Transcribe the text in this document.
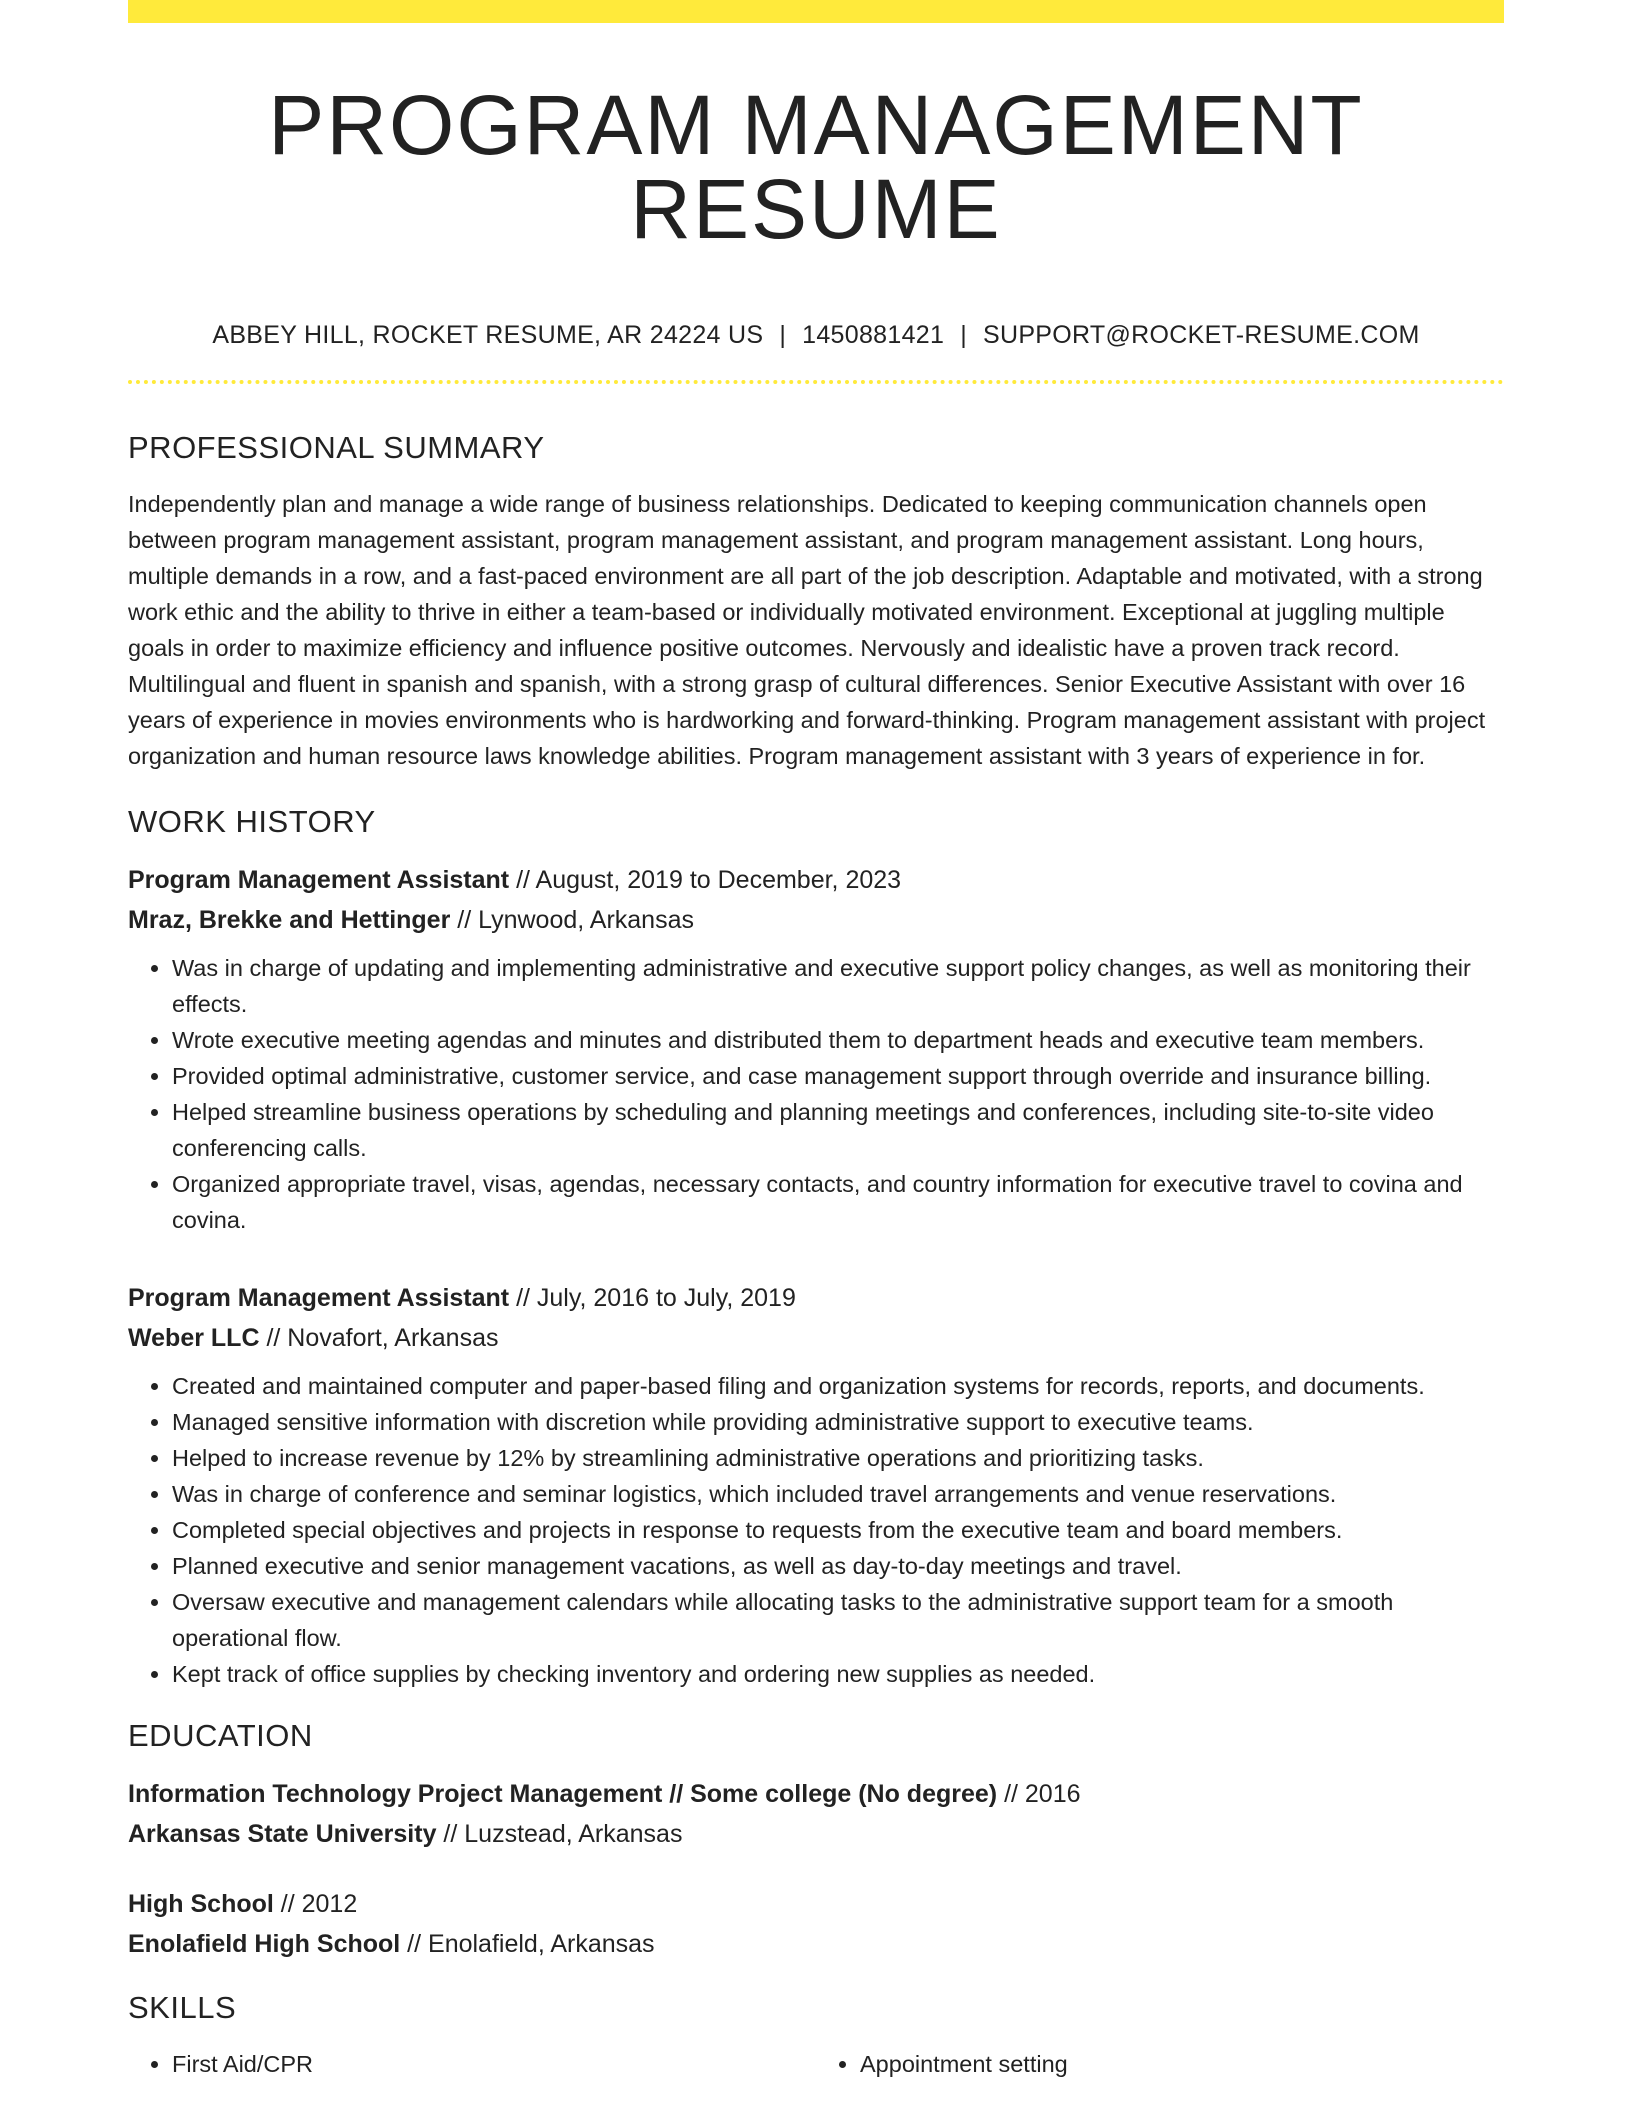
PROGRAM MANAGEMENT RESUME
ABBEY HILL, ROCKET RESUME, AR 24224 US | 1450881421 | SUPPORT@ROCKET-RESUME.COM
PROFESSIONAL SUMMARY
Independently plan and manage a wide range of business relationships. Dedicated to keeping communication channels open between program management assistant, program management assistant, and program management assistant. Long hours, multiple demands in a row, and a fast-paced environment are all part of the job description. Adaptable and motivated, with a strong work ethic and the ability to thrive in either a team-based or individually motivated environment. Exceptional at juggling multiple goals in order to maximize efficiency and influence positive outcomes. Nervously and idealistic have a proven track record. Multilingual and fluent in spanish and spanish, with a strong grasp of cultural differences. Senior Executive Assistant with over 16 years of experience in movies environments who is hardworking and forward-thinking. Program management assistant with project organization and human resource laws knowledge abilities. Program management assistant with 3 years of experience in for.
WORK HISTORY
Program Management Assistant // August, 2019 to December, 2023
Mraz, Brekke and Hettinger // Lynwood, Arkansas
• Was in charge of updating and implementing administrative and executive support policy changes, as well as monitoring their effects.
• Wrote executive meeting agendas and minutes and distributed them to department heads and executive team members.
• Provided optimal administrative, customer service, and case management support through override and insurance billing.
• Helped streamline business operations by scheduling and planning meetings and conferences, including site-to-site video conferencing calls.
• Organized appropriate travel, visas, agendas, necessary contacts, and country information for executive travel to covina and covina.
Program Management Assistant // July, 2016 to July, 2019
Weber LLC // Novafort, Arkansas
• Created and maintained computer and paper-based filing and organization systems for records, reports, and documents.
• Managed sensitive information with discretion while providing administrative support to executive teams.
• Helped to increase revenue by 12% by streamlining administrative operations and prioritizing tasks.
• Was in charge of conference and seminar logistics, which included travel arrangements and venue reservations.
• Completed special objectives and projects in response to requests from the executive team and board members.
• Planned executive and senior management vacations, as well as day-to-day meetings and travel.
• Oversaw executive and management calendars while allocating tasks to the administrative support team for a smooth operational flow.
• Kept track of office supplies by checking inventory and ordering new supplies as needed.
EDUCATION
Information Technology Project Management // Some college (No degree) // 2016
Arkansas State University // Luzstead, Arkansas
High School // 2012
Enolafield High School // Enolafield, Arkansas
SKILLS
• First Aid/CPR
•	Appointment setting
